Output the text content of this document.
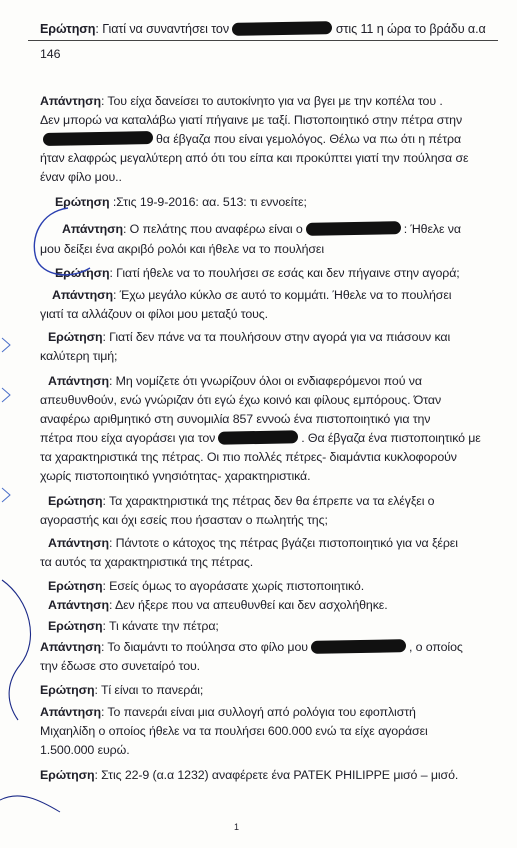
Ερώτηση: Γιατί να συναντήσει τον	στις 11 η ώρα το βράδυ α.α
146
Απάντηση: Του είχα δανείσει το αυτοκίνητο για να βγει με την κοπέλα του .
Δεν μπορώ να καταλάβω γιατί πήγαινε με ταξί. Πιστοποιητικό στην πέτρα στην
θα έβγαζα που είναι γεμολόγος. Θέλω να πω ότι η πέτρα
ήταν ελαφρώς μεγαλύτερη από ότι του είπα και προκύπτει γιατί την πούλησα σε
έναν φίλο μου..
Ερώτηση :Στις 19-9-2016: αα. 513: τι εννοείτε;
Απάντηση: Ο πελάτης που αναφέρω είναι ο	: Ήθελε να
μου δείξει ένα ακριβό ρολόι και ήθελε να το πουλήσει
Ερώτηση: Γιατί ήθελε να το πουλήσει σε εσάς και δεν πήγαινε στην αγορά;
Απάντηση: Έχω μεγάλο κύκλο σε αυτό το κομμάτι. Ήθελε να το πουλήσει
γιατί τα αλλάζουν οι φίλοι μου μεταξύ τους.
Ερώτηση: Γιατί δεν πάνε να τα πουλήσουν στην αγορά για να πιάσουν και
καλύτερη τιμή;
Απάντηση: Μη νομίζετε ότι γνωρίζουν όλοι οι ενδιαφερόμενοι πού να
απευθυνθούν, ενώ γνώριζαν ότι εγώ έχω κοινό και φίλους εμπόρους. Όταν
αναφέρω αριθμητικό στη συνομιλία 857 εννοώ ένα πιστοποιητικό για την
πέτρα που είχα αγοράσει για τον	. Θα έβγαζα ένα πιστοποιητικό με
τα χαρακτηριστικά της πέτρας. Οι πιο πολλές πέτρες- διαμάντια κυκλοφορούν
χωρίς πιστοποιητικό γνησιότητας- χαρακτηριστικά.
Ερώτηση: Τα χαρακτηριστικά της πέτρας δεν θα έπρεπε να τα ελέγξει ο
αγοραστής και όχι εσείς που ήσασταν ο πωλητής της;
Απάντηση: Πάντοτε ο κάτοχος της πέτρας βγάζει πιστοποιητικό για να ξέρει
τα αυτός τα χαρακτηριστικά της πέτρας.
Ερώτηση: Εσείς όμως το αγοράσατε χωρίς πιστοποιητικό.
Απάντηση: Δεν ήξερε που να απευθυνθεί και δεν ασχολήθηκε.
Ερώτηση: Τι κάνατε την πέτρα;
Απάντηση: Το διαμάντι το πούλησα στο φίλο μου	, ο οποίος
την έδωσε στο συνεταίρό του.
Ερώτηση: Τί είναι το πανεράι;
Απάντηση: Το πανεράι είναι μια συλλογή από ρολόγια του εφοπλιστή
Μιχαηλίδη ο οποίος ήθελε να τα πουλήσει 600.000 ενώ τα είχε αγοράσει
1.500.000 ευρώ.
Ερώτηση: Στις 22-9 (α.α 1232) αναφέρετε ένα PATEK PHILIPPE μισό – μισό.
1
